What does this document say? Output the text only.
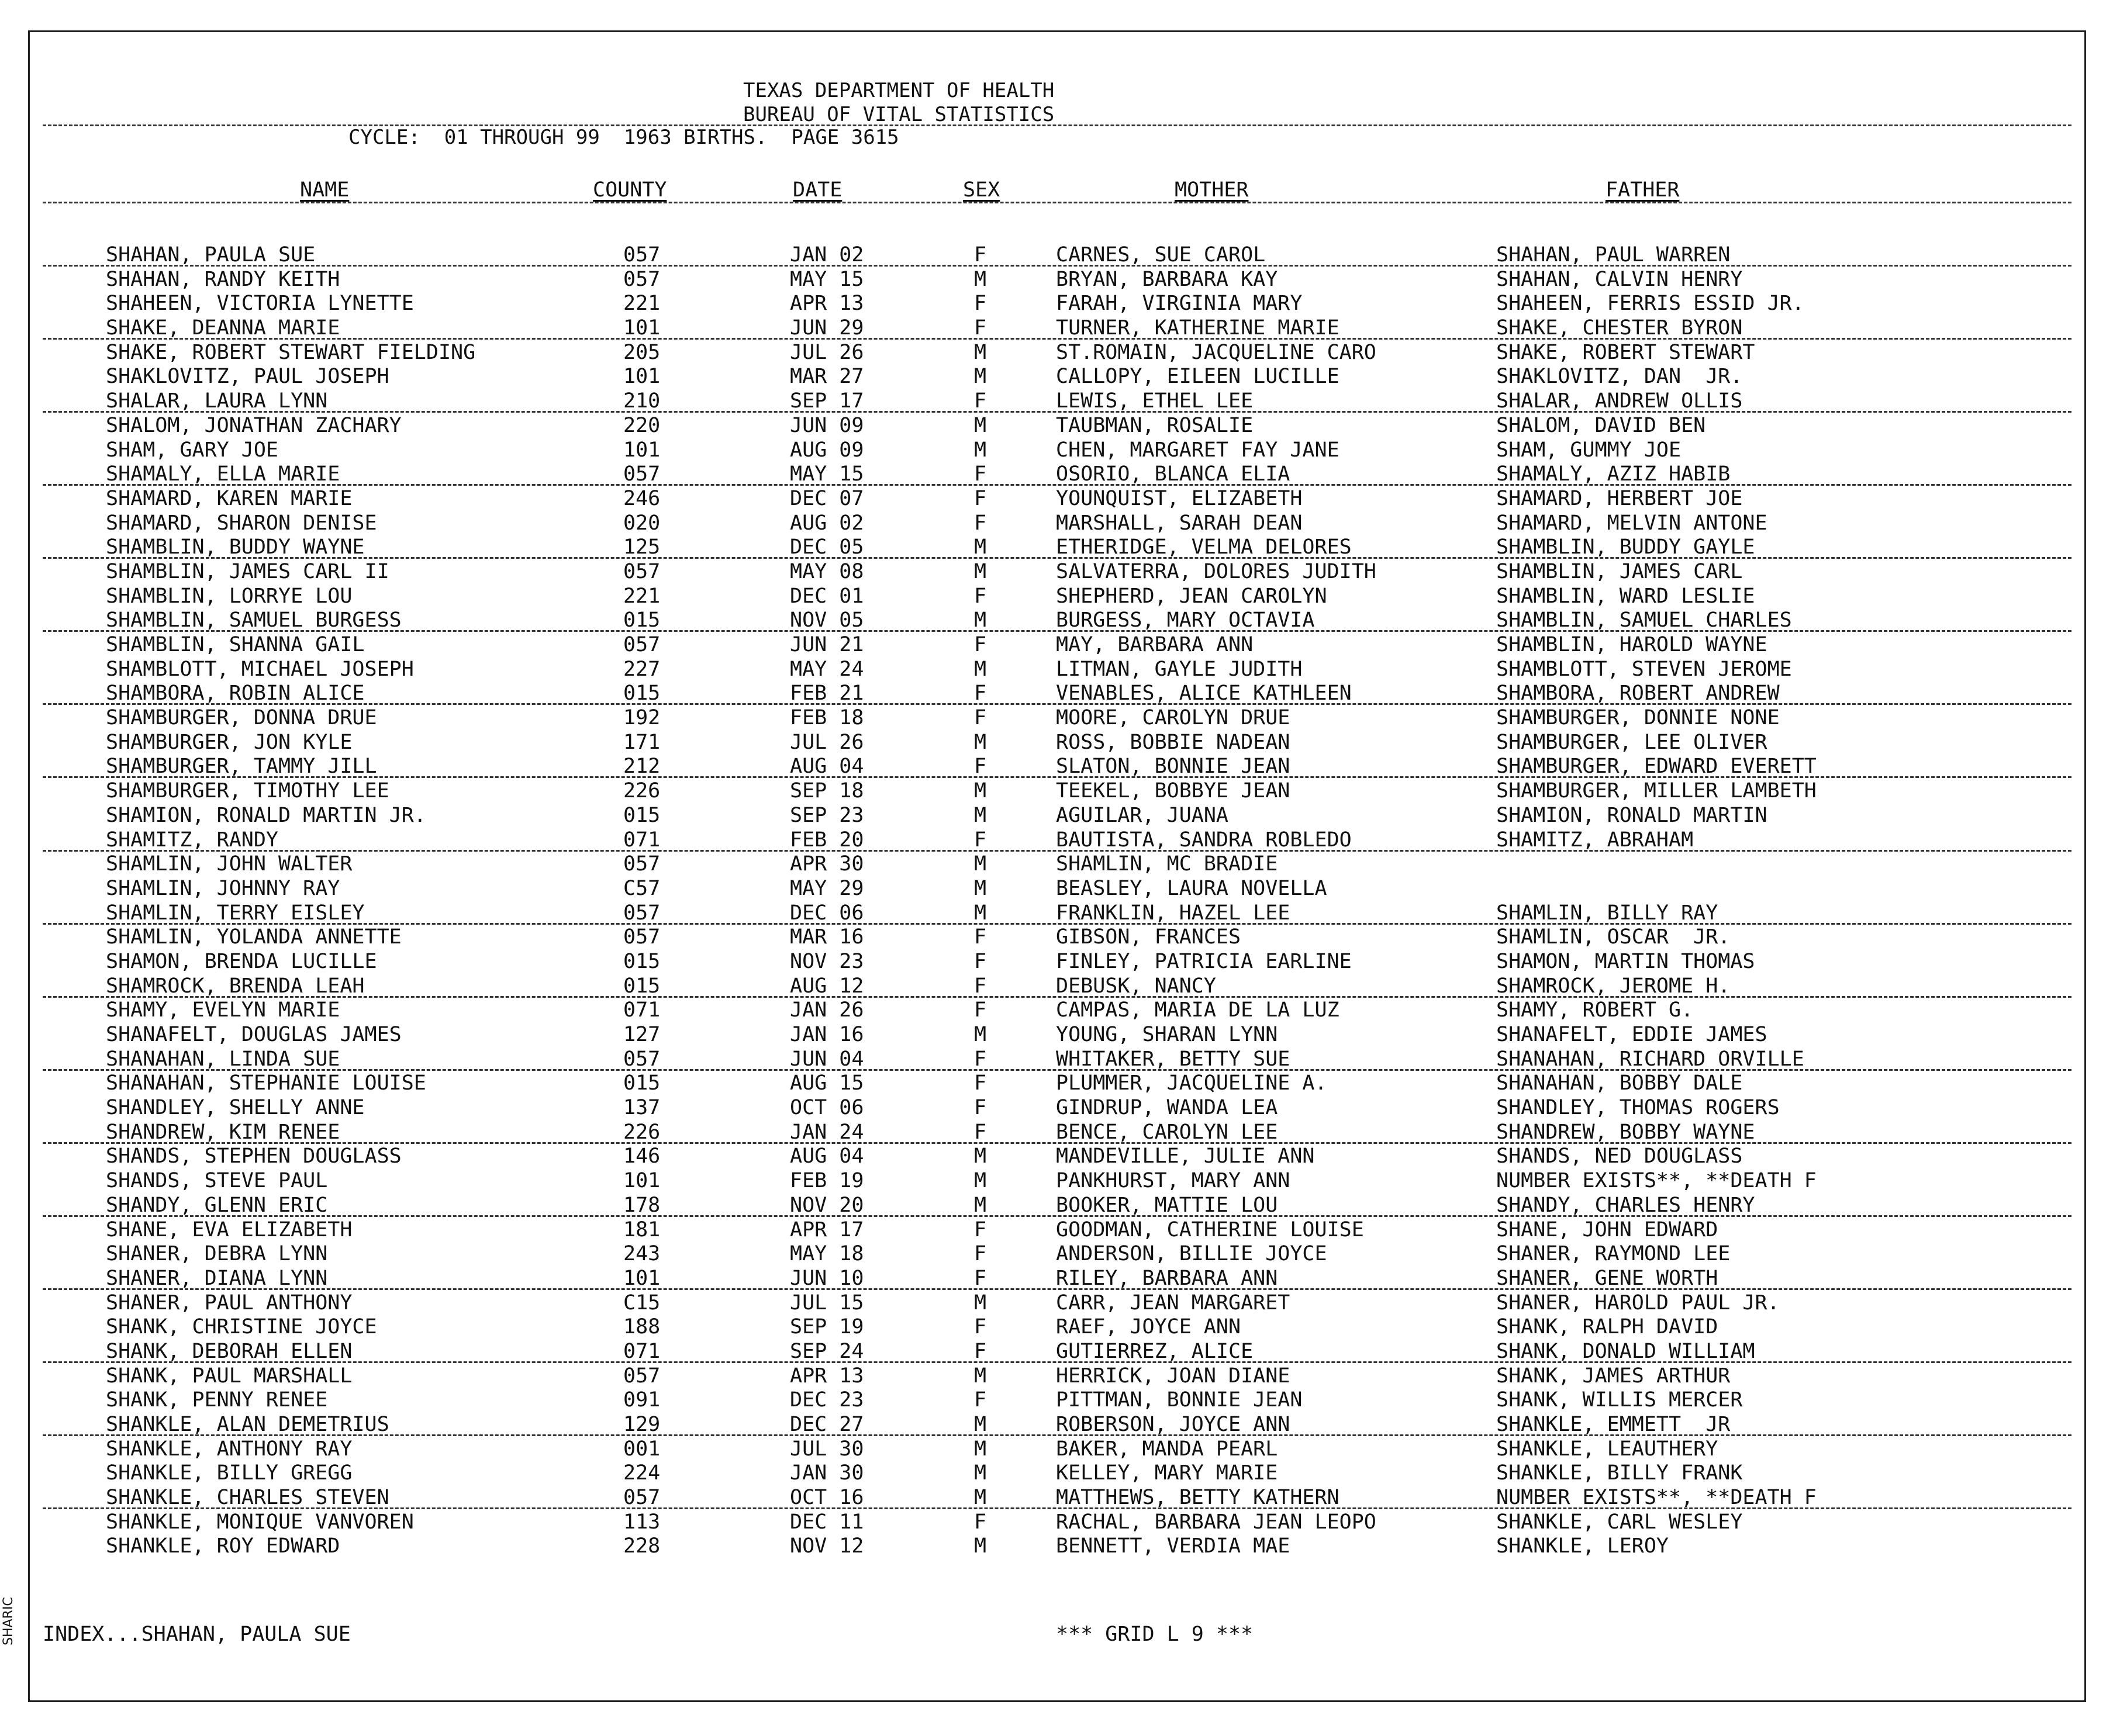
TEXAS DEPARTMENT OF HEALTH
BUREAU OF VITAL STATISTICS
CYCLE:  01 THROUGH 99  1963 BIRTHS.  PAGE 3615
NAME	COUNTY	DATE	SEX	MOTHER	FATHER
SHAHAN, PAULA SUE	057	JAN 02	F	CARNES, SUE CAROL	SHAHAN, PAUL WARREN
SHAHAN, RANDY KEITH	057	MAY 15	M	BRYAN, BARBARA KAY	SHAHAN, CALVIN HENRY
SHAHEEN, VICTORIA LYNETTE	221	APR 13	F	FARAH, VIRGINIA MARY	SHAHEEN, FERRIS ESSID JR.
SHAKE, DEANNA MARIE	101	JUN 29	F	TURNER, KATHERINE MARIE	SHAKE, CHESTER BYRON
SHAKE, ROBERT STEWART FIELDING	205	JUL 26	M	ST.ROMAIN, JACQUELINE CARO	SHAKE, ROBERT STEWART
SHAKLOVITZ, PAUL JOSEPH	101	MAR 27	M	CALLOPY, EILEEN LUCILLE	SHAKLOVITZ, DAN  JR.
SHALAR, LAURA LYNN	210	SEP 17	F	LEWIS, ETHEL LEE	SHALAR, ANDREW OLLIS
SHALOM, JONATHAN ZACHARY	220	JUN 09	M	TAUBMAN, ROSALIE	SHALOM, DAVID BEN
SHAM, GARY JOE	101	AUG 09	M	CHEN, MARGARET FAY JANE	SHAM, GUMMY JOE
SHAMALY, ELLA MARIE	057	MAY 15	F	OSORIO, BLANCA ELIA	SHAMALY, AZIZ HABIB
SHAMARD, KAREN MARIE	246	DEC 07	F	YOUNQUIST, ELIZABETH	SHAMARD, HERBERT JOE
SHAMARD, SHARON DENISE	020	AUG 02	F	MARSHALL, SARAH DEAN	SHAMARD, MELVIN ANTONE
SHAMBLIN, BUDDY WAYNE	125	DEC 05	M	ETHERIDGE, VELMA DELORES	SHAMBLIN, BUDDY GAYLE
SHAMBLIN, JAMES CARL II	057	MAY 08	M	SALVATERRA, DOLORES JUDITH	SHAMBLIN, JAMES CARL
SHAMBLIN, LORRYE LOU	221	DEC 01	F	SHEPHERD, JEAN CAROLYN	SHAMBLIN, WARD LESLIE
SHAMBLIN, SAMUEL BURGESS	015	NOV 05	M	BURGESS, MARY OCTAVIA	SHAMBLIN, SAMUEL CHARLES
SHAMBLIN, SHANNA GAIL	057	JUN 21	F	MAY, BARBARA ANN	SHAMBLIN, HAROLD WAYNE
SHAMBLOTT, MICHAEL JOSEPH	227	MAY 24	M	LITMAN, GAYLE JUDITH	SHAMBLOTT, STEVEN JEROME
SHAMBORA, ROBIN ALICE	015	FEB 21	F	VENABLES, ALICE KATHLEEN	SHAMBORA, ROBERT ANDREW
SHAMBURGER, DONNA DRUE	192	FEB 18	F	MOORE, CAROLYN DRUE	SHAMBURGER, DONNIE NONE
SHAMBURGER, JON KYLE	171	JUL 26	M	ROSS, BOBBIE NADEAN	SHAMBURGER, LEE OLIVER
SHAMBURGER, TAMMY JILL	212	AUG 04	F	SLATON, BONNIE JEAN	SHAMBURGER, EDWARD EVERETT
SHAMBURGER, TIMOTHY LEE	226	SEP 18	M	TEEKEL, BOBBYE JEAN	SHAMBURGER, MILLER LAMBETH
SHAMION, RONALD MARTIN JR.	015	SEP 23	M	AGUILAR, JUANA	SHAMION, RONALD MARTIN
SHAMITZ, RANDY	071	FEB 20	F	BAUTISTA, SANDRA ROBLEDO	SHAMITZ, ABRAHAM
SHAMLIN, JOHN WALTER	057	APR 30	M	SHAMLIN, MC BRADIE
SHAMLIN, JOHNNY RAY	C57	MAY 29	M	BEASLEY, LAURA NOVELLA
SHAMLIN, TERRY EISLEY	057	DEC 06	M	FRANKLIN, HAZEL LEE	SHAMLIN, BILLY RAY
SHAMLIN, YOLANDA ANNETTE	057	MAR 16	F	GIBSON, FRANCES	SHAMLIN, OSCAR  JR.
SHAMON, BRENDA LUCILLE	015	NOV 23	F	FINLEY, PATRICIA EARLINE	SHAMON, MARTIN THOMAS
SHAMROCK, BRENDA LEAH	015	AUG 12	F	DEBUSK, NANCY	SHAMROCK, JEROME H.
SHAMY, EVELYN MARIE	071	JAN 26	F	CAMPAS, MARIA DE LA LUZ	SHAMY, ROBERT G.
SHANAFELT, DOUGLAS JAMES	127	JAN 16	M	YOUNG, SHARAN LYNN	SHANAFELT, EDDIE JAMES
SHANAHAN, LINDA SUE	057	JUN 04	F	WHITAKER, BETTY SUE	SHANAHAN, RICHARD ORVILLE
SHANAHAN, STEPHANIE LOUISE	015	AUG 15	F	PLUMMER, JACQUELINE A.	SHANAHAN, BOBBY DALE
SHANDLEY, SHELLY ANNE	137	OCT 06	F	GINDRUP, WANDA LEA	SHANDLEY, THOMAS ROGERS
SHANDREW, KIM RENEE	226	JAN 24	F	BENCE, CAROLYN LEE	SHANDREW, BOBBY WAYNE
SHANDS, STEPHEN DOUGLASS	146	AUG 04	M	MANDEVILLE, JULIE ANN	SHANDS, NED DOUGLASS
SHANDS, STEVE PAUL	101	FEB 19	M	PANKHURST, MARY ANN	NUMBER EXISTS**, **DEATH F
SHANDY, GLENN ERIC	178	NOV 20	M	BOOKER, MATTIE LOU	SHANDY, CHARLES HENRY
SHANE, EVA ELIZABETH	181	APR 17	F	GOODMAN, CATHERINE LOUISE	SHANE, JOHN EDWARD
SHANER, DEBRA LYNN	243	MAY 18	F	ANDERSON, BILLIE JOYCE	SHANER, RAYMOND LEE
SHANER, DIANA LYNN	101	JUN 10	F	RILEY, BARBARA ANN	SHANER, GENE WORTH
SHANER, PAUL ANTHONY	C15	JUL 15	M	CARR, JEAN MARGARET	SHANER, HAROLD PAUL JR.
SHANK, CHRISTINE JOYCE	188	SEP 19	F	RAEF, JOYCE ANN	SHANK, RALPH DAVID
SHANK, DEBORAH ELLEN	071	SEP 24	F	GUTIERREZ, ALICE	SHANK, DONALD WILLIAM
SHANK, PAUL MARSHALL	057	APR 13	M	HERRICK, JOAN DIANE	SHANK, JAMES ARTHUR
SHANK, PENNY RENEE	091	DEC 23	F	PITTMAN, BONNIE JEAN	SHANK, WILLIS MERCER
SHANKLE, ALAN DEMETRIUS	129	DEC 27	M	ROBERSON, JOYCE ANN	SHANKLE, EMMETT  JR
SHANKLE, ANTHONY RAY	001	JUL 30	M	BAKER, MANDA PEARL	SHANKLE, LEAUTHERY
SHANKLE, BILLY GREGG	224	JAN 30	M	KELLEY, MARY MARIE	SHANKLE, BILLY FRANK
SHANKLE, CHARLES STEVEN	057	OCT 16	M	MATTHEWS, BETTY KATHERN	NUMBER EXISTS**, **DEATH F
SHANKLE, MONIQUE VANVOREN	113	DEC 11	F	RACHAL, BARBARA JEAN LEOPO	SHANKLE, CARL WESLEY
SHANKLE, ROY EDWARD	228	NOV 12	M	BENNETT, VERDIA MAE	SHANKLE, LEROY
INDEX...SHAHAN, PAULA SUE	*** GRID L 9 ***
SHARIC
